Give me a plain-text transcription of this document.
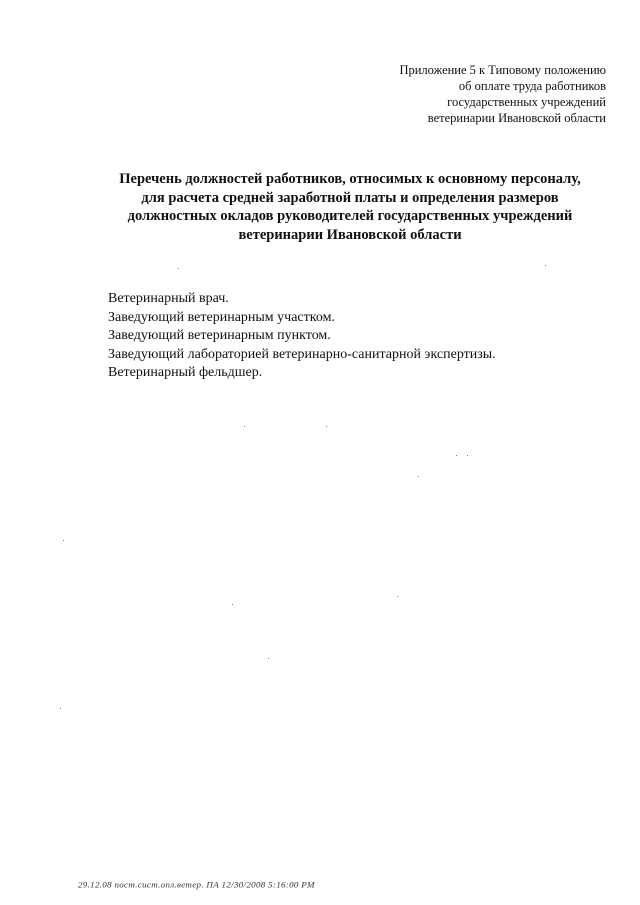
Приложение 5 к Типовому положению
об оплате труда работников
государственных учреждений
ветеринарии Ивановской области
Перечень должностей работников, относимых к основному персоналу,
для расчета средней заработной платы и определения размеров
должностных окладов руководителей государственных учреждений
ветеринарии Ивановской области
Ветеринарный врач.
Заведующий ветеринарным участком.
Заведующий ветеринарным пунктом.
Заведующий лабораторией ветеринарно-санитарной экспертизы.
Ветеринарный фельдшер.
29.12.08 пост.сист.опл.ветер. ПА 12/30/2008 5:16:00 PM
